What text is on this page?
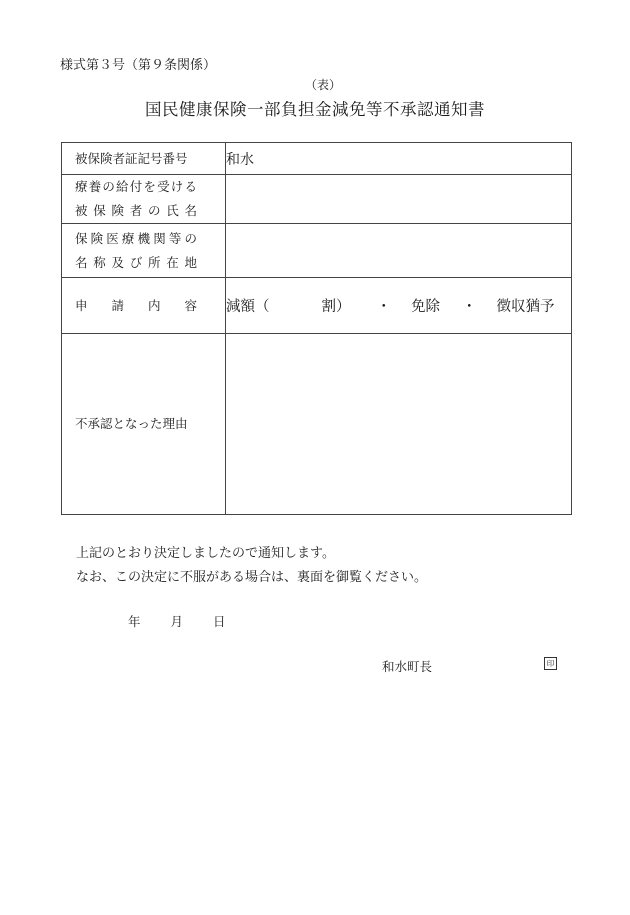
様式第３号（第９条関係）
（表）
国民健康保険一部負担金減免等不承認通知書
被保険者証記号番号	和水

療養の給付を受ける
被保険者の氏名	

保険医療機関等の
名称及び所在地	

申請内容	減額（ 割） ・ 免除 ・ 徴収猶予
不承認となった理由	
上記のとおり決定しましたので通知します。
なお、この決定に不服がある場合は、裏面を御覧ください。
年 月 日
和水町長	印
